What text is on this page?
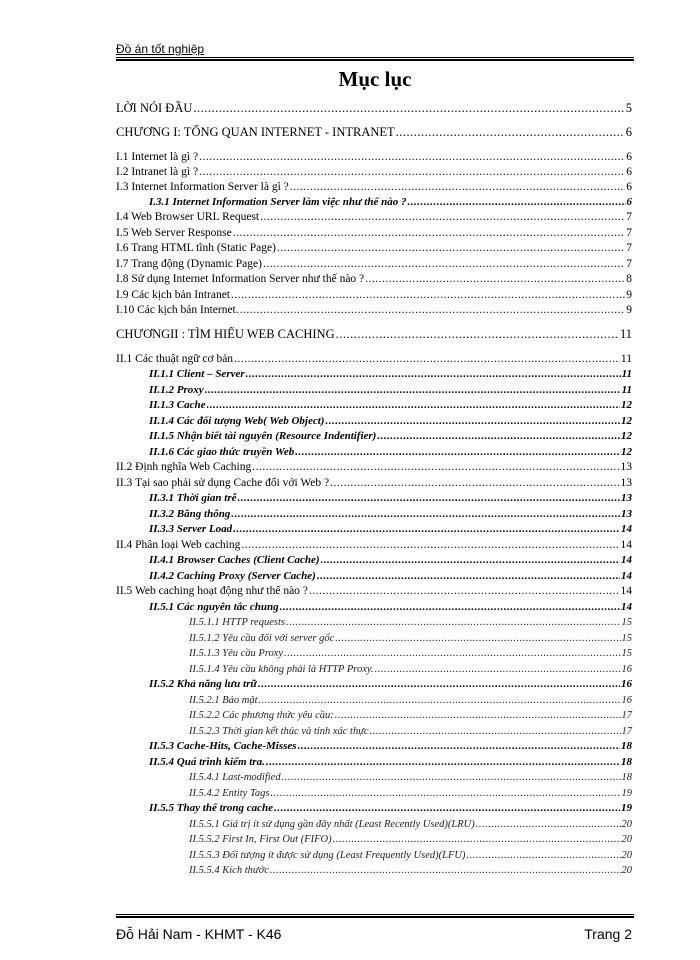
Đồ án tốt nghiệp
Mục lục
LỜI NÓI ĐẦU .....	5
CHƯƠNG I: TỔNG QUAN INTERNET - INTRANET .....	6
I.1 Internet là gì ? .....	6
I.2 Intranet là gì ? .....	6
I.3 Internet Information Server là gì ? .....	6
I.3.1 Internet Information Server làm việc như thế nào ? .....	6
I.4 Web Browser URL Request .....	7
I.5 Web Server Response .....	7
I.6 Trang HTML tĩnh (Static Page) .....	7
I.7 Trang động (Dynamic Page) .....	7
I.8 Sử dụng Internet Information Server như thế nào ? .....	8
I.9 Các kịch bản Intranet .....	9
I.10 Các kịch bản Internet. .....	9
CHƯƠNGII : TÌM HIỂU WEB CACHING .....	11
II.1 Các thuật ngữ cơ bản .....	11
II.1.1 Client – Server .....	11
II.1.2 Proxy .....	11
II.1.3 Cache .....	12
II.1.4 Các đối tượng Web( Web Object) .....	12
II.1.5 Nhận biết tài nguyên (Resource Indentifier) .....	12
II.1.6 Các giao thức truyền Web .....	12
II.2 Định nghĩa Web Caching .....	13
II.3 Tại sao phải sử dụng Cache đối với Web ? .....	13
II.3.1 Thời gian trễ .....	13
II.3.2 Băng thông .....	13
II.3.3 Server Load .....	14
II.4 Phân loại Web caching .....	14
II.4.1 Browser Caches (Client Cache) .....	14
II.4.2 Caching Proxy (Server Cache) .....	14
II.5 Web caching hoạt động như thế nào ? .....	14
II.5.1 Các nguyên tắc chung .....	14
II.5.1.1 HTTP requests .....	15
II.5.1.2 Yêu cầu đối với server gốc .....	15
II.5.1.3 Yêu cầu Proxy .....	15
II.5.1.4 Yêu cầu không phải là HTTP Proxy. .....	16
II.5.2 Khả năng lưu trữ .....	16
II.5.2.1 Bảo mật .....	16
II.5.2.2 Các phương thức yêu cầu: .....	17
II.5.2.3 Thời gian kết thúc và tính xác thực .....	17
II.5.3 Cache-Hits, Cache-Misses .....	18
II.5.4 Quá trình kiểm tra. .....	18
II.5.4.1 Last-modified .....	18
II.5.4.2 Entity Tags .....	19
II.5.5 Thay thế trong cache .....	19
II.5.5.1 Giá trị ít sử dụng gần đây nhất (Least Recently Used)(LRU) .....	20
II.5.5.2 First In, First Out (FIFO) .....	20
II.5.5.3 Đối tượng ít được sử dụng (Least Frequently Used)(LFU) .....	20
II.5.5.4 Kích thước .....	20
Đỗ Hải Nam - KHMT - K46	Trang 2
